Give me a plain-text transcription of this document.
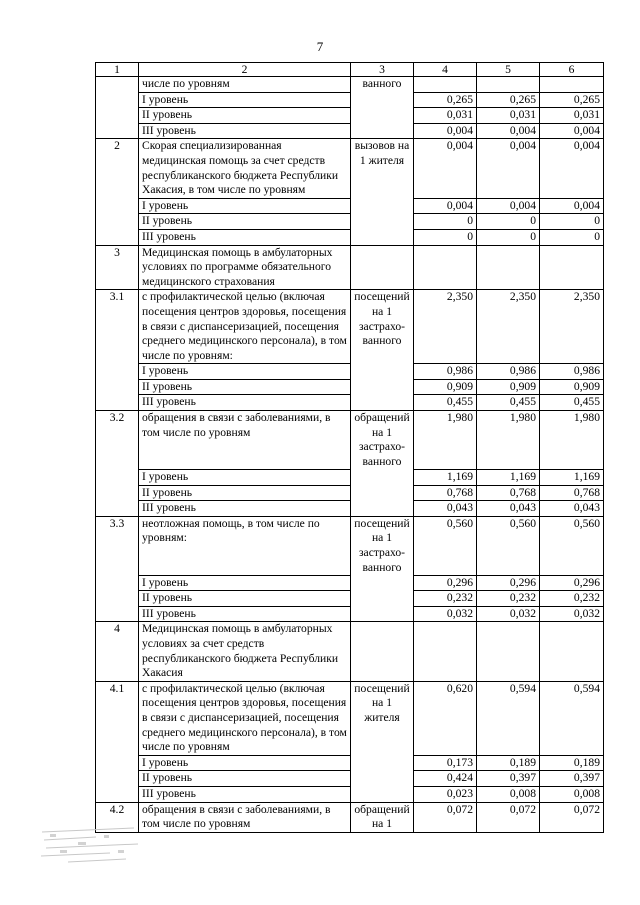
7
1	2	3	4	5	6
	числе по уровням	ванного			
	I уровень		0,265	0,265	0,265
	II уровень		0,031	0,031	0,031
	III уровень		0,004	0,004	0,004
2	Скорая специализированная медицинская помощь за счет средств республиканского бюджета Республики Хакасия, в том числе по уровням	вызовов на 1 жителя	0,004	0,004	0,004
	I уровень		0,004	0,004	0,004
	II уровень		0	0	0
	III уровень		0	0	0
3	Медицинская помощь в амбулаторных условиях по программе обязательного медицинского страхования				
3.1	с профилактической целью (включая посещения центров здоровья, посещения в связи с диспансеризацией, посещения среднего медицинского персонала), в том числе по уровням:	посещений на 1 застрахо-ванного	2,350	2,350	2,350
	I уровень		0,986	0,986	0,986
	II уровень		0,909	0,909	0,909
	III уровень		0,455	0,455	0,455
3.2	обращения в связи с заболеваниями, в том числе по уровням	обращений на 1 застрахо-ванного	1,980	1,980	1,980
	I уровень		1,169	1,169	1,169
	II уровень		0,768	0,768	0,768
	III уровень		0,043	0,043	0,043
3.3	неотложная помощь, в том числе по уровням:	посещений на 1 застрахо-ванного	0,560	0,560	0,560
	I уровень		0,296	0,296	0,296
	II уровень		0,232	0,232	0,232
	III уровень		0,032	0,032	0,032
4	Медицинская помощь в амбулаторных условиях за счет средств республиканского бюджета Республики Хакасия				
4.1	с профилактической целью (включая посещения центров здоровья, посещения в связи с диспансеризацией, посещения среднего медицинского персонала), в том числе по уровням	посещений на 1 жителя	0,620	0,594	0,594
	I уровень		0,173	0,189	0,189
	II уровень		0,424	0,397	0,397
	III уровень		0,023	0,008	0,008
4.2	обращения в связи с заболеваниями, в том числе по уровням	обращений на 1	0,072	0,072	0,072
